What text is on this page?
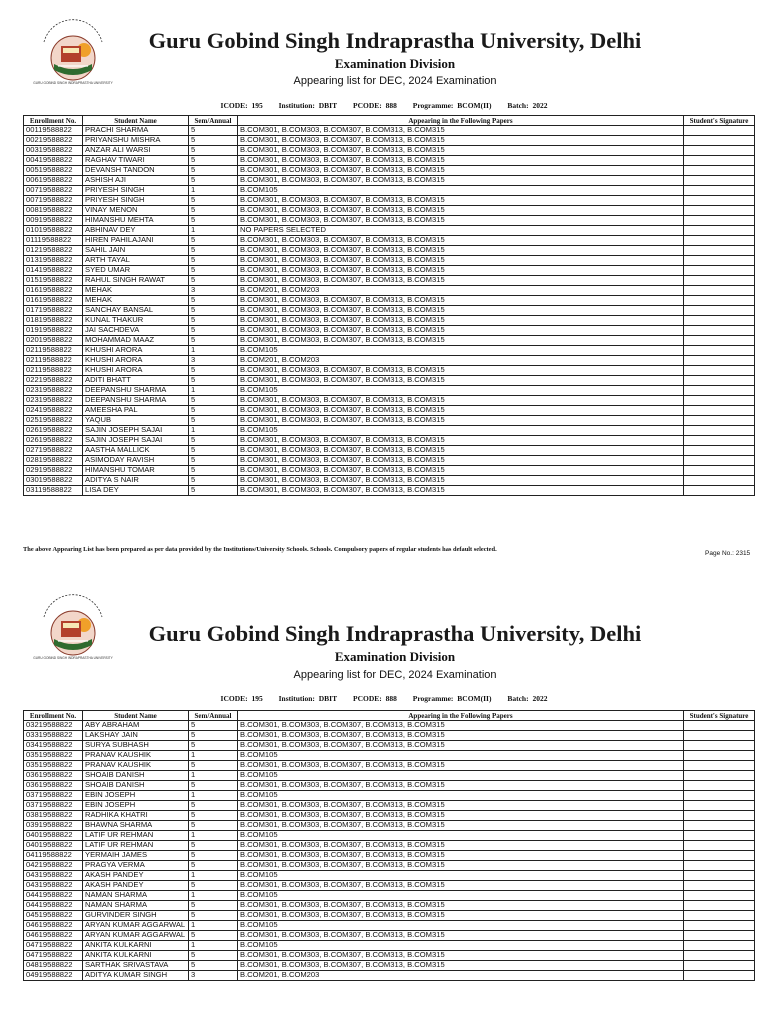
GURU GOBIND SINGH INDRAPRASTHA UNIVERSITY
Guru Gobind Singh Indraprastha University, Delhi
Examination Division
Appearing list for DEC, 2024 Examination
ICODE: 195 Institution: DBIT PCODE: 888 Programme: BCOM(II) Batch: 2022
Enrollment No.	Student Name	Sem/Annual	Appearing in the Following Papers	Student's Signature
00119588822	PRACHI SHARMA	5	B.COM301, B.COM303, B.COM307, B.COM313, B.COM315	
00219588822	PRIYANSHU MISHRA	5	B.COM301, B.COM303, B.COM307, B.COM313, B.COM315	
00319588822	ANZAR ALI WARSI	5	B.COM301, B.COM303, B.COM307, B.COM313, B.COM315	
00419588822	RAGHAV TIWARI	5	B.COM301, B.COM303, B.COM307, B.COM313, B.COM315	
00519588822	DEVANSH TANDON	5	B.COM301, B.COM303, B.COM307, B.COM313, B.COM315	
00619588822	ASHISH AJI	5	B.COM301, B.COM303, B.COM307, B.COM313, B.COM315	
00719588822	PRIYESH SINGH	1	B.COM105	
00719588822	PRIYESH SINGH	5	B.COM301, B.COM303, B.COM307, B.COM313, B.COM315	
00819588822	VINAY MENON	5	B.COM301, B.COM303, B.COM307, B.COM313, B.COM315	
00919588822	HIMANSHU MEHTA	5	B.COM301, B.COM303, B.COM307, B.COM313, B.COM315	
01019588822	ABHINAV DEY	1	NO PAPERS SELECTED	
01119588822	HIREN PAHILAJANI	5	B.COM301, B.COM303, B.COM307, B.COM313, B.COM315	
01219588822	SAHIL JAIN	5	B.COM301, B.COM303, B.COM307, B.COM313, B.COM315	
01319588822	ARTH TAYAL	5	B.COM301, B.COM303, B.COM307, B.COM313, B.COM315	
01419588822	SYED UMAR	5	B.COM301, B.COM303, B.COM307, B.COM313, B.COM315	
01519588822	RAHUL SINGH RAWAT	5	B.COM301, B.COM303, B.COM307, B.COM313, B.COM315	
01619588822	MEHAK	3	B.COM201, B.COM203	
01619588822	MEHAK	5	B.COM301, B.COM303, B.COM307, B.COM313, B.COM315	
01719588822	SANCHAY BANSAL	5	B.COM301, B.COM303, B.COM307, B.COM313, B.COM315	
01819588822	KUNAL THAKUR	5	B.COM301, B.COM303, B.COM307, B.COM313, B.COM315	
01919588822	JAI SACHDEVA	5	B.COM301, B.COM303, B.COM307, B.COM313, B.COM315	
02019588822	MOHAMMAD MAAZ	5	B.COM301, B.COM303, B.COM307, B.COM313, B.COM315	
02119588822	KHUSHI ARORA	1	B.COM105	
02119588822	KHUSHI ARORA	3	B.COM201, B.COM203	
02119588822	KHUSHI ARORA	5	B.COM301, B.COM303, B.COM307, B.COM313, B.COM315	
02219588822	ADITI BHATT	5	B.COM301, B.COM303, B.COM307, B.COM313, B.COM315	
02319588822	DEEPANSHU SHARMA	1	B.COM105	
02319588822	DEEPANSHU SHARMA	5	B.COM301, B.COM303, B.COM307, B.COM313, B.COM315	
02419588822	AMEESHA PAL	5	B.COM301, B.COM303, B.COM307, B.COM313, B.COM315	
02519588822	YAQUB	5	B.COM301, B.COM303, B.COM307, B.COM313, B.COM315	
02619588822	SAJIN JOSEPH SAJAI	1	B.COM105	
02619588822	SAJIN JOSEPH SAJAI	5	B.COM301, B.COM303, B.COM307, B.COM313, B.COM315	
02719588822	AASTHA MALLICK	5	B.COM301, B.COM303, B.COM307, B.COM313, B.COM315	
02819588822	ASIMODAY RAVISH	5	B.COM301, B.COM303, B.COM307, B.COM313, B.COM315	
02919588822	HIMANSHU TOMAR	5	B.COM301, B.COM303, B.COM307, B.COM313, B.COM315	
03019588822	ADITYA S NAIR	5	B.COM301, B.COM303, B.COM307, B.COM313, B.COM315	
03119588822	LISA DEY	5	B.COM301, B.COM303, B.COM307, B.COM313, B.COM315	
The above Appearing List has been prepared as per data provided by the Institutions/University Schools. Schools. Compulsory papers of regular students has default selected.
Page No.: 2315
GURU GOBIND SINGH INDRAPRASTHA UNIVERSITY
Guru Gobind Singh Indraprastha University, Delhi
Examination Division
Appearing list for DEC, 2024 Examination
ICODE: 195 Institution: DBIT PCODE: 888 Programme: BCOM(II) Batch: 2022
Enrollment No.	Student Name	Sem/Annual	Appearing in the Following Papers	Student's Signature
03219588822	ABY ABRAHAM	5	B.COM301, B.COM303, B.COM307, B.COM313, B.COM315	
03319588822	LAKSHAY JAIN	5	B.COM301, B.COM303, B.COM307, B.COM313, B.COM315	
03419588822	SURYA SUBHASH	5	B.COM301, B.COM303, B.COM307, B.COM313, B.COM315	
03519588822	PRANAV KAUSHIK	1	B.COM105	
03519588822	PRANAV KAUSHIK	5	B.COM301, B.COM303, B.COM307, B.COM313, B.COM315	
03619588822	SHOAIB DANISH	1	B.COM105	
03619588822	SHOAIB DANISH	5	B.COM301, B.COM303, B.COM307, B.COM313, B.COM315	
03719588822	EBIN JOSEPH	1	B.COM105	
03719588822	EBIN JOSEPH	5	B.COM301, B.COM303, B.COM307, B.COM313, B.COM315	
03819588822	RADHIKA KHATRI	5	B.COM301, B.COM303, B.COM307, B.COM313, B.COM315	
03919588822	BHAWNA SHARMA	5	B.COM301, B.COM303, B.COM307, B.COM313, B.COM315	
04019588822	LATIF UR REHMAN	1	B.COM105	
04019588822	LATIF UR REHMAN	5	B.COM301, B.COM303, B.COM307, B.COM313, B.COM315	
04119588822	YERMAIH JAMES	5	B.COM301, B.COM303, B.COM307, B.COM313, B.COM315	
04219588822	PRAGYA VERMA	5	B.COM301, B.COM303, B.COM307, B.COM313, B.COM315	
04319588822	AKASH PANDEY	1	B.COM105	
04319588822	AKASH PANDEY	5	B.COM301, B.COM303, B.COM307, B.COM313, B.COM315	
04419588822	NAMAN SHARMA	1	B.COM105	
04419588822	NAMAN SHARMA	5	B.COM301, B.COM303, B.COM307, B.COM313, B.COM315	
04519588822	GURVINDER SINGH	5	B.COM301, B.COM303, B.COM307, B.COM313, B.COM315	
04619588822	ARYAN KUMAR AGGARWAL	1	B.COM105	
04619588822	ARYAN KUMAR AGGARWAL	5	B.COM301, B.COM303, B.COM307, B.COM313, B.COM315	
04719588822	ANKITA KULKARNI	1	B.COM105	
04719588822	ANKITA KULKARNI	5	B.COM301, B.COM303, B.COM307, B.COM313, B.COM315	
04819588822	SARTHAK SRIVASTAVA	5	B.COM301, B.COM303, B.COM307, B.COM313, B.COM315	
04919588822	ADITYA KUMAR SINGH	3	B.COM201, B.COM203	
